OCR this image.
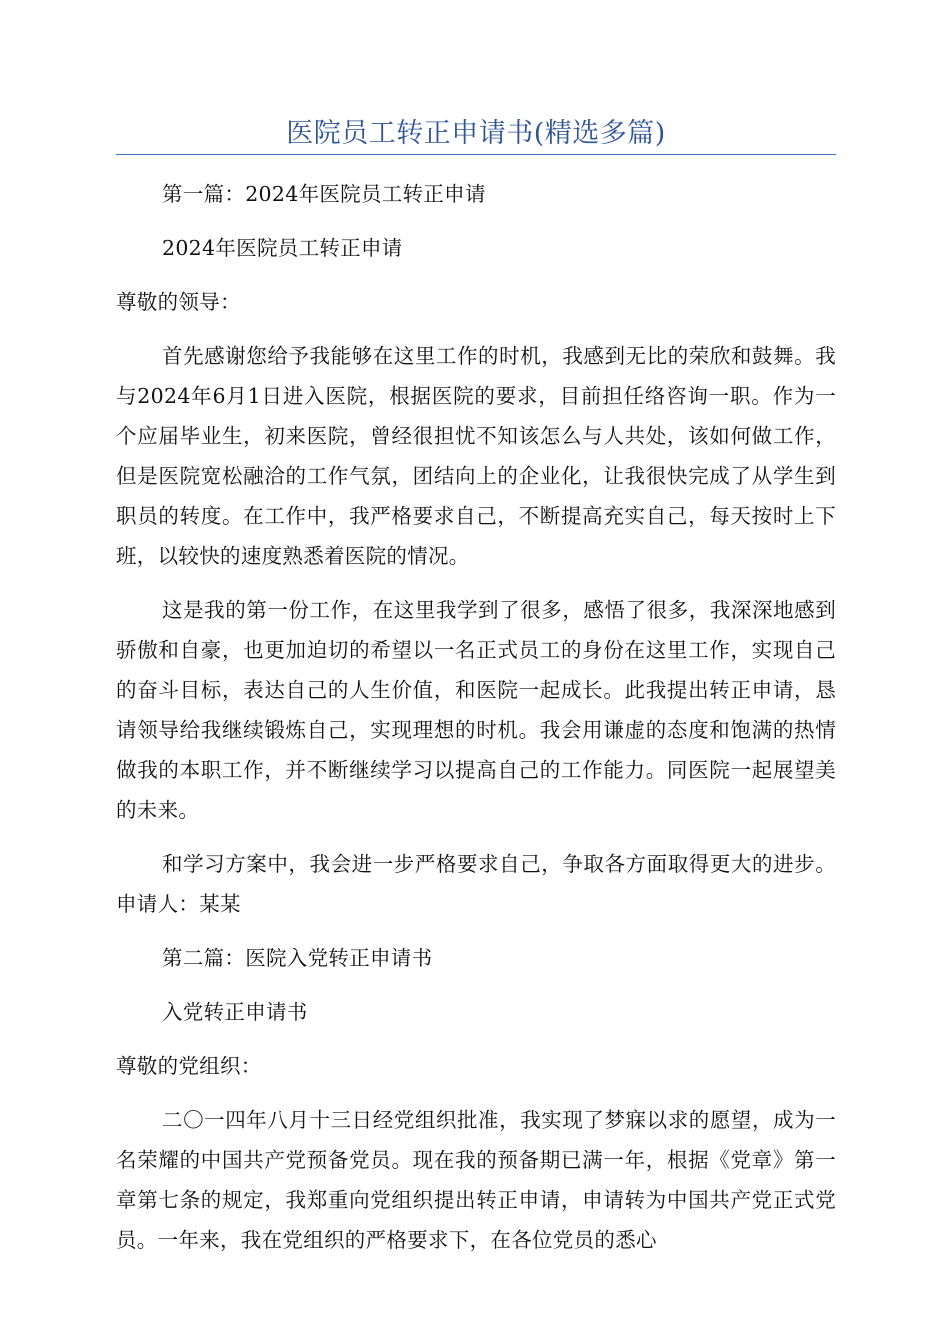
医院员工转正申请书(精选多篇)

第一篇：2024年医院员工转正申请

2024年医院员工转正申请

尊敬的领导：

首先感谢您给予我能够在这里工作的时机，我感到无比的荣欣和鼓舞。我与2024年6月1日进入医院，根据医院的要求，目前担任络咨询一职。作为一个应届毕业生，初来医院，曾经很担忧不知该怎么与人共处，该如何做工作，但是医院宽松融洽的工作气氛，团结向上的企业化，让我很快完成了从学生到职员的转度。在工作中，我严格要求自己，不断提高充实自己，每天按时上下班，以较快的速度熟悉着医院的情况。

这是我的第一份工作，在这里我学到了很多，感悟了很多，我深深地感到骄傲和自豪，也更加迫切的希望以一名正式员工的身份在这里工作，实现自己的奋斗目标，表达自己的人生价值，和医院一起成长。此我提出转正申请，恳请领导给我继续锻炼自己，实现理想的时机。我会用谦虚的态度和饱满的热情做我的本职工作，并不断继续学习以提高自己的工作能力。同医院一起展望美的未来。

和学习方案中，我会进一步严格要求自己，争取各方面取得更大的进步。申请人：某某

第二篇：医院入党转正申请书

入党转正申请书

尊敬的党组织：

二〇一四年八月十三日经党组织批准，我实现了梦寐以求的愿望，成为一名荣耀的中国共产党预备党员。现在我的预备期已满一年，根据《党章》第一章第七条的规定，我郑重向党组织提出转正申请，申请转为中国共产党正式党员。一年来，我在党组织的严格要求下，在各位党员的悉心
